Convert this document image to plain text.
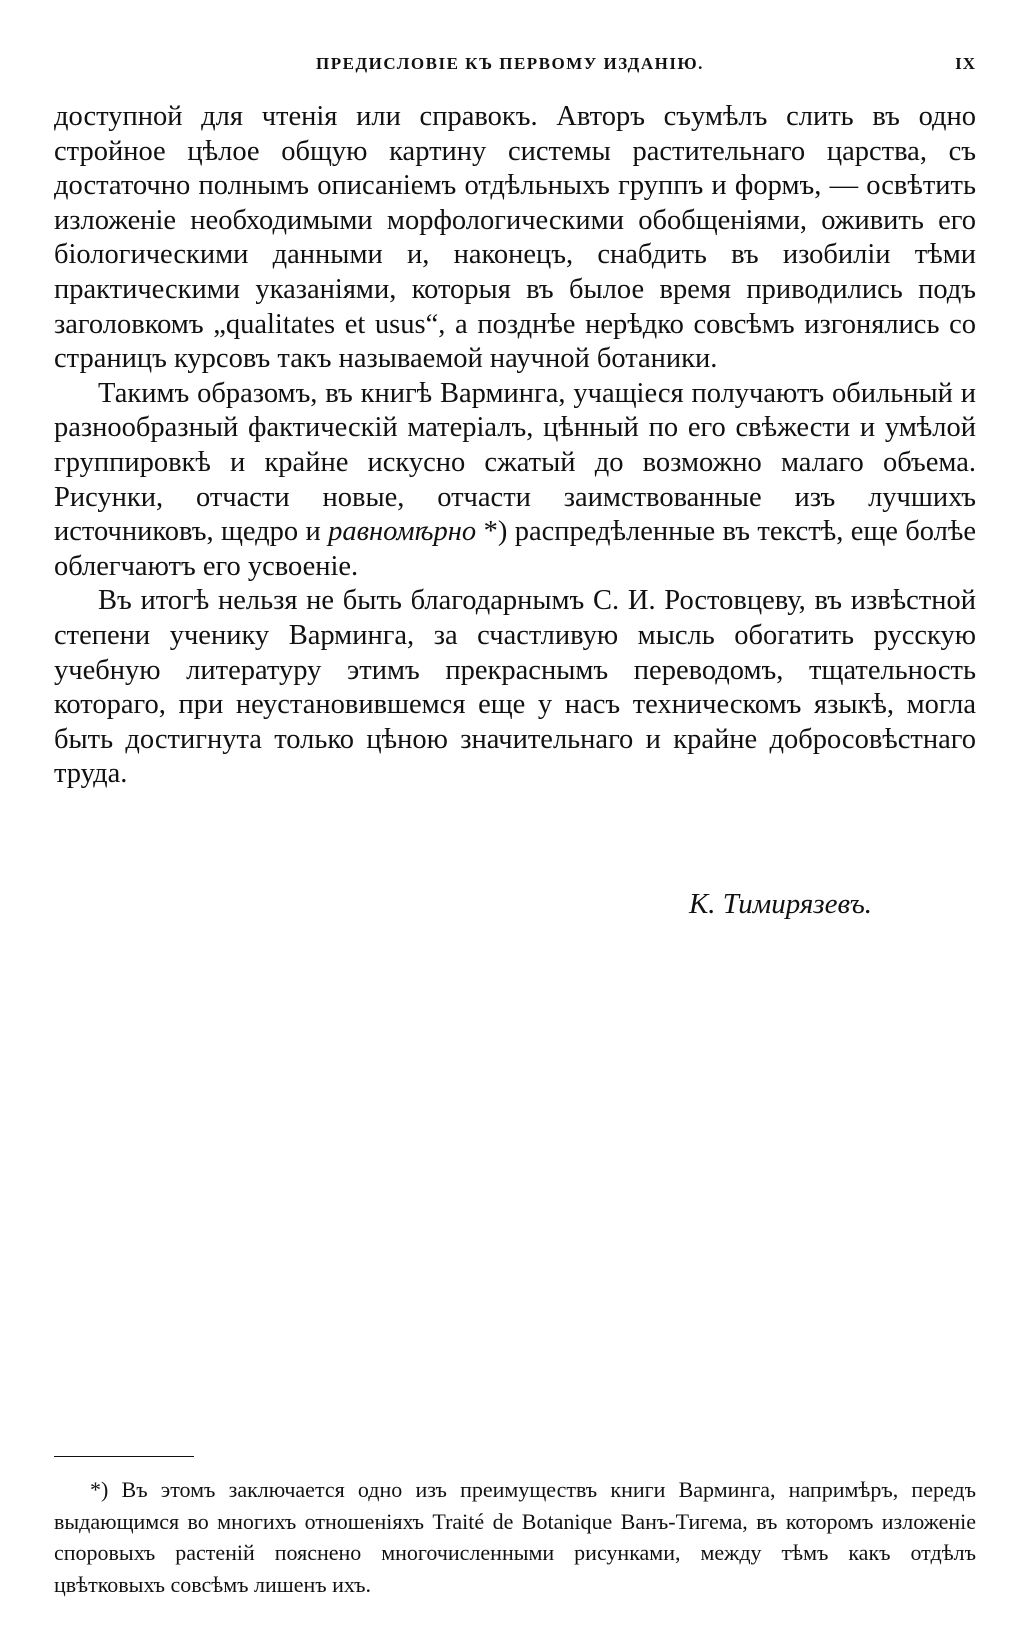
ПРЕДИСЛОВІЕ КЪ ПЕРВОМУ ИЗДАНІЮ.	IX

доступной для чтенія или справокъ. Авторъ съумѣлъ слить въ одно стройное цѣлое общую картину системы растительнаго царства, съ достаточно полнымъ описаніемъ отдѣльныхъ группъ и формъ, — освѣтить изложеніе необходимыми морфологическими обобщеніями, оживить его біологическими данными и, наконецъ, снабдить въ изобиліи тѣми практическими указаніями, которыя въ былое время приводились подъ заголовкомъ „qualitates et usus“, а позднѣе нерѣдко совсѣмъ изгонялись со страницъ курсовъ такъ называемой научной ботаники.

Такимъ образомъ, въ книгѣ Варминга, учащіеся получаютъ обильный и разнообразный фактическій матеріалъ, цѣнный по его свѣжести и умѣлой группировкѣ и крайне искусно сжатый до возможно малаго объема. Рисунки, отчасти новые, отчасти заимствованные изъ лучшихъ источниковъ, щедро и равномѣрно *) распредѣленные въ текстѣ, еще болѣе облегчаютъ его усвоеніе.

Въ итогѣ нельзя не быть благодарнымъ С. И. Ростовцеву, въ извѣстной степени ученику Варминга, за счастливую мысль обогатить русскую учебную литературу этимъ прекраснымъ переводомъ, тщательность котораго, при неустановившемся еще у насъ техническомъ языкѣ, могла быть достигнута только цѣною значительнаго и крайне добросовѣстнаго труда.

К. Тимирязевъ.

*) Въ этомъ заключается одно изъ преимуществъ книги Варминга, напримѣръ, передъ выдающимся во многихъ отношеніяхъ Traité de Botanique Ванъ-Тигема, въ которомъ изложеніе споровыхъ растеній пояснено многочисленными рисунками, между тѣмъ какъ отдѣлъ цвѣтковыхъ совсѣмъ лишенъ ихъ.
